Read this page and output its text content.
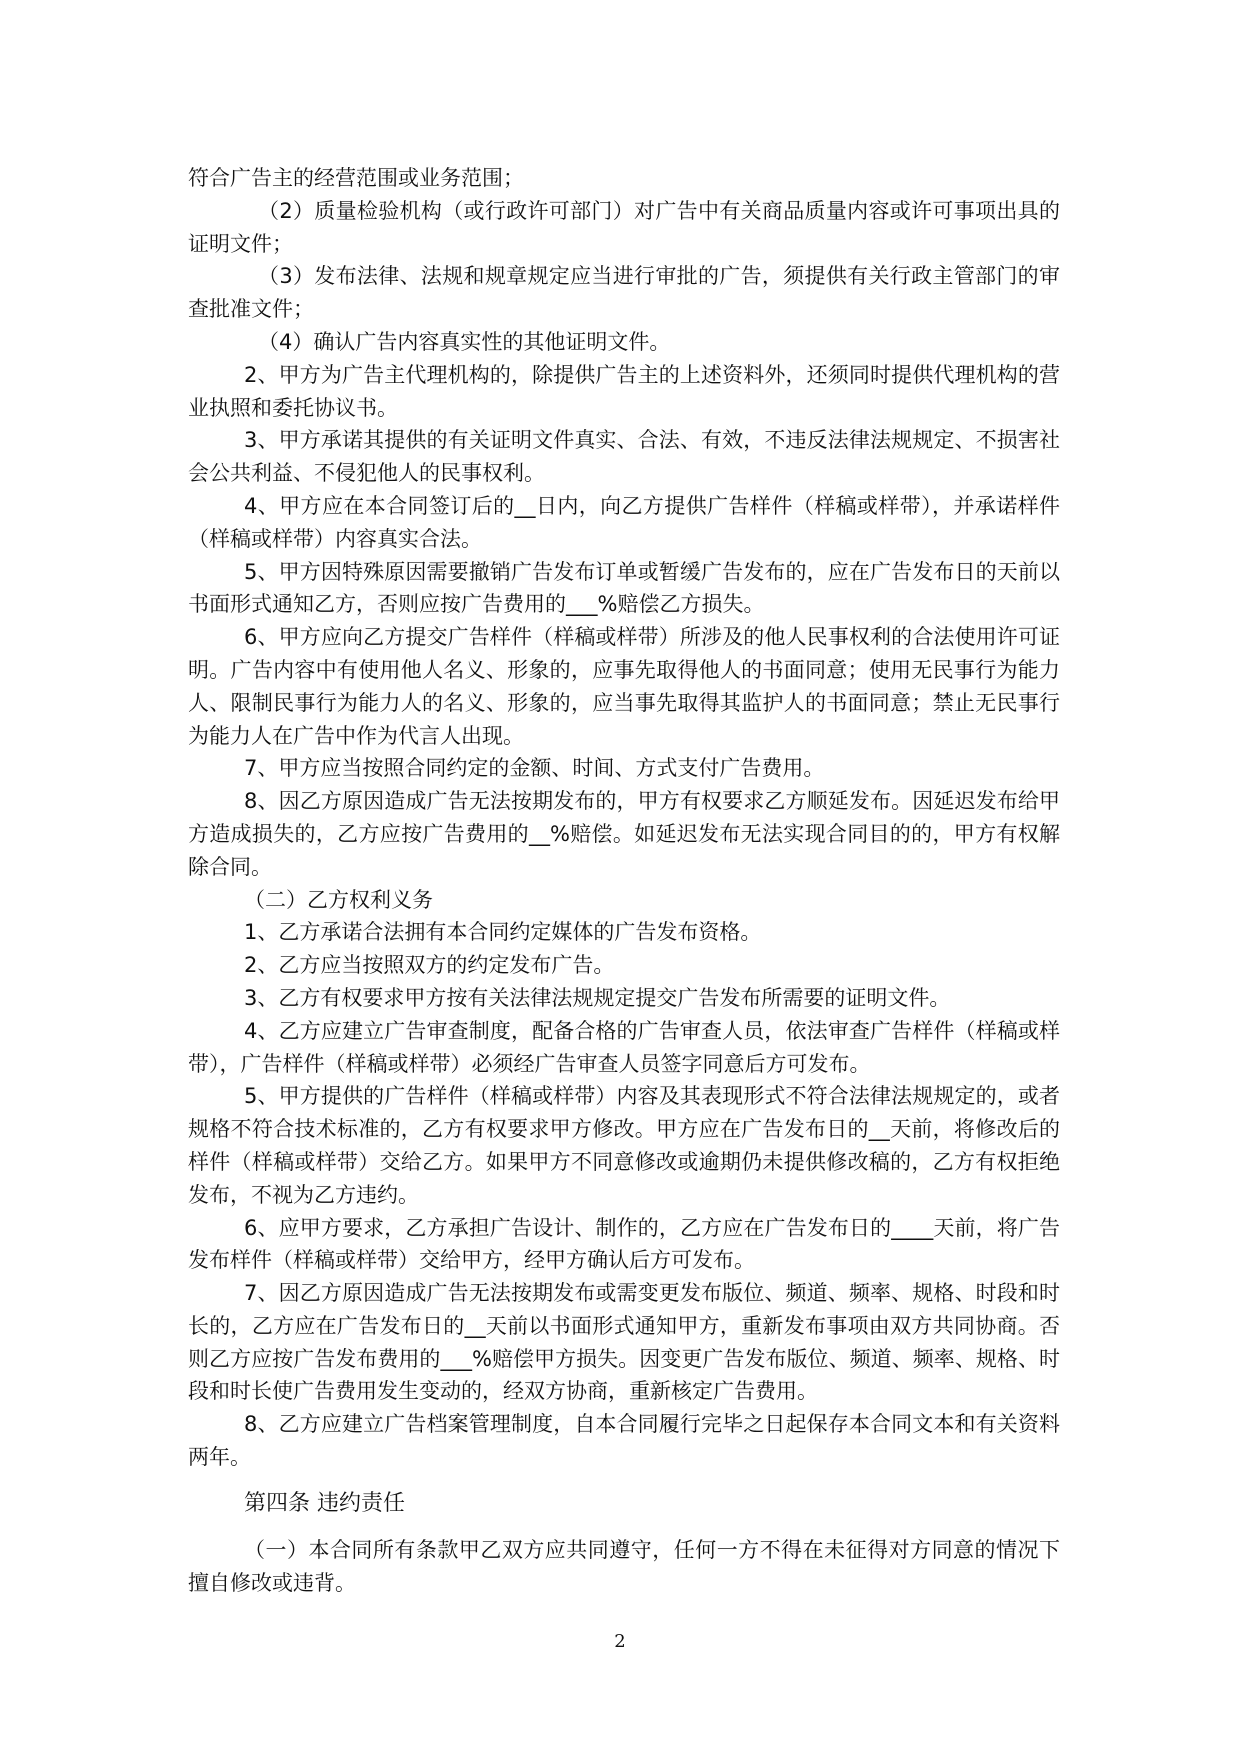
符合广告主的经营范围或业务范围；

（2）质量检验机构（或行政许可部门）对广告中有关商品质量内容或许可事项出具的证明文件；

（3）发布法律、法规和规章规定应当进行审批的广告，须提供有关行政主管部门的审查批准文件；

（4）确认广告内容真实性的其他证明文件。

2、甲方为广告主代理机构的，除提供广告主的上述资料外，还须同时提供代理机构的营业执照和委托协议书。

3、甲方承诺其提供的有关证明文件真实、合法、有效，不违反法律法规规定、不损害社会公共利益、不侵犯他人的民事权利。

4、甲方应在本合同签订后的__日内，向乙方提供广告样件（样稿或样带），并承诺样件（样稿或样带）内容真实合法。

5、甲方因特殊原因需要撤销广告发布订单或暂缓广告发布的，应在广告发布日的天前以书面形式通知乙方，否则应按广告费用的___%赔偿乙方损失。

6、甲方应向乙方提交广告样件（样稿或样带）所涉及的他人民事权利的合法使用许可证明。广告内容中有使用他人名义、形象的，应事先取得他人的书面同意；使用无民事行为能力人、限制民事行为能力人的名义、形象的，应当事先取得其监护人的书面同意；禁止无民事行为能力人在广告中作为代言人出现。

7、甲方应当按照合同约定的金额、时间、方式支付广告费用。

8、因乙方原因造成广告无法按期发布的，甲方有权要求乙方顺延发布。因延迟发布给甲方造成损失的，乙方应按广告费用的__%赔偿。如延迟发布无法实现合同目的的，甲方有权解除合同。

（二）乙方权利义务

1、乙方承诺合法拥有本合同约定媒体的广告发布资格。

2、乙方应当按照双方的约定发布广告。

3、乙方有权要求甲方按有关法律法规规定提交广告发布所需要的证明文件。

4、乙方应建立广告审查制度，配备合格的广告审查人员，依法审查广告样件（样稿或样带），广告样件（样稿或样带）必须经广告审查人员签字同意后方可发布。

5、甲方提供的广告样件（样稿或样带）内容及其表现形式不符合法律法规规定的，或者规格不符合技术标准的，乙方有权要求甲方修改。甲方应在广告发布日的__天前，将修改后的样件（样稿或样带）交给乙方。如果甲方不同意修改或逾期仍未提供修改稿的，乙方有权拒绝发布，不视为乙方违约。

6、应甲方要求，乙方承担广告设计、制作的，乙方应在广告发布日的____天前，将广告发布样件（样稿或样带）交给甲方，经甲方确认后方可发布。

7、因乙方原因造成广告无法按期发布或需变更发布版位、频道、频率、规格、时段和时长的，乙方应在广告发布日的__天前以书面形式通知甲方，重新发布事项由双方共同协商。否则乙方应按广告发布费用的___%赔偿甲方损失。因变更广告发布版位、频道、频率、规格、时段和时长使广告费用发生变动的，经双方协商，重新核定广告费用。

8、乙方应建立广告档案管理制度，自本合同履行完毕之日起保存本合同文本和有关资料两年。

第四条 违约责任

（一）本合同所有条款甲乙双方应共同遵守，任何一方不得在未征得对方同意的情况下擅自修改或违背。

2
